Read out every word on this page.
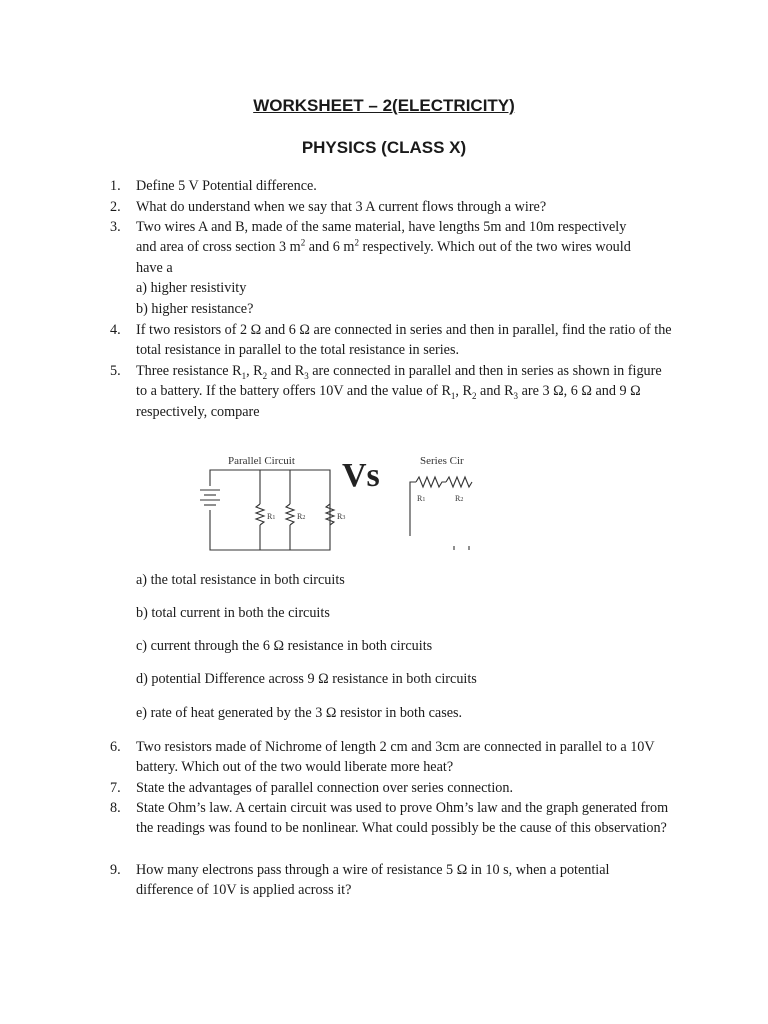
WORKSHEET – 2(ELECTRICITY)
PHYSICS (CLASS X)
1. Define 5 V Potential difference.
2. What do understand when we say that 3 A current flows through a wire?
3. Two wires A and B, made of the same material, have lengths 5m and 10m respectively
and area of cross section 3 $m^2$ and 6 $m^2$ respectively. Which out of the two wires would
have a
a) higher resistivity
b) higher resistance?
4. If two resistors of 2 Ω and 6 Ω are connected in series and then in parallel, find the ratio of the total resistance in parallel to the total resistance in series.
5. Three resistance $R_1$, $R_2$ and $R_3$ are connected in parallel and then in series as shown in figure to a battery. If the battery offers 10V and the value of $R_1$, $R_2$ and $R_3$ are 3 Ω, 6 Ω and 9 Ω respectively, compare
Parallel Circuit Vs	Series Cir
R1	R2	R3
R1	R2
a) the total resistance in both circuits
b) total current in both the circuits
c) current through the 6 Ω resistance in both circuits
d) potential Difference across 9 Ω resistance in both circuits
e) rate of heat generated by the 3 Ω resistor in both cases.
6. Two resistors made of Nichrome of length 2 cm and 3cm are connected in parallel to a 10V battery. Which out of the two would liberate more heat?
7. State the advantages of parallel connection over series connection.
8. State Ohm’s law. A certain circuit was used to prove Ohm’s law and the graph generated from the readings was found to be nonlinear. What could possibly be the cause of this observation?
9. How many electrons pass through a wire of resistance 5 Ω in 10 s, when a potential difference of 10V is applied across it?
